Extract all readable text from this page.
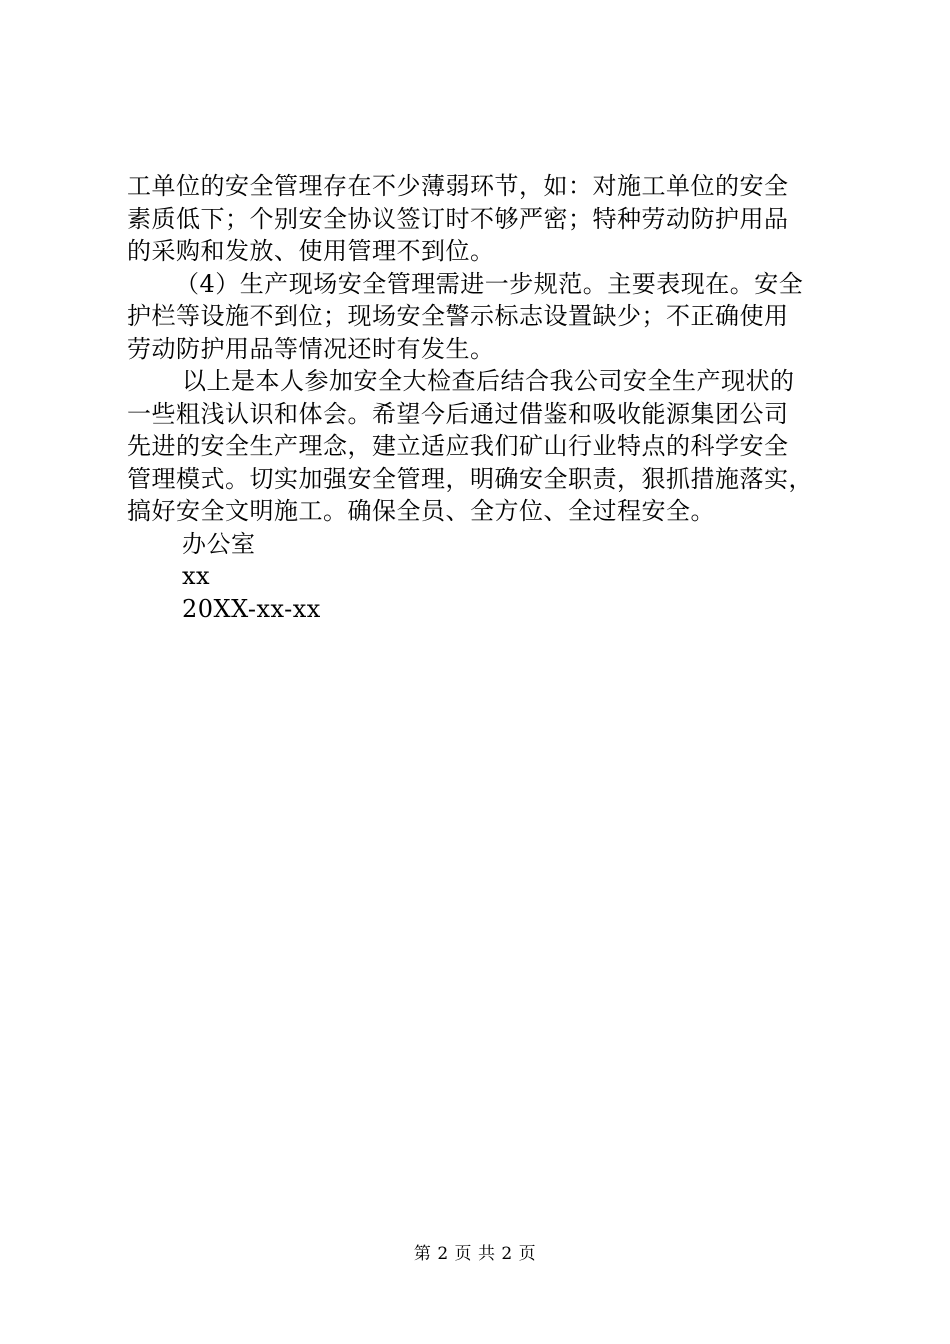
工单位的安全管理存在不少薄弱环节，如：对施工单位的安全
素质低下；个别安全协议签订时不够严密；特种劳动防护用品
的采购和发放、使用管理不到位。
（4）生产现场安全管理需进一步规范。主要表现在。安全
护栏等设施不到位；现场安全警示标志设置缺少；不正确使用
劳动防护用品等情况还时有发生。
以上是本人参加安全大检查后结合我公司安全生产现状的
一些粗浅认识和体会。希望今后通过借鉴和吸收能源集团公司
先进的安全生产理念，建立适应我们矿山行业特点的科学安全
管理模式。切实加强安全管理，明确安全职责，狠抓措施落实，
搞好安全文明施工。确保全员、全方位、全过程安全。
办公室
xx
20XX-xx-xx
第 2 页 共 2 页
